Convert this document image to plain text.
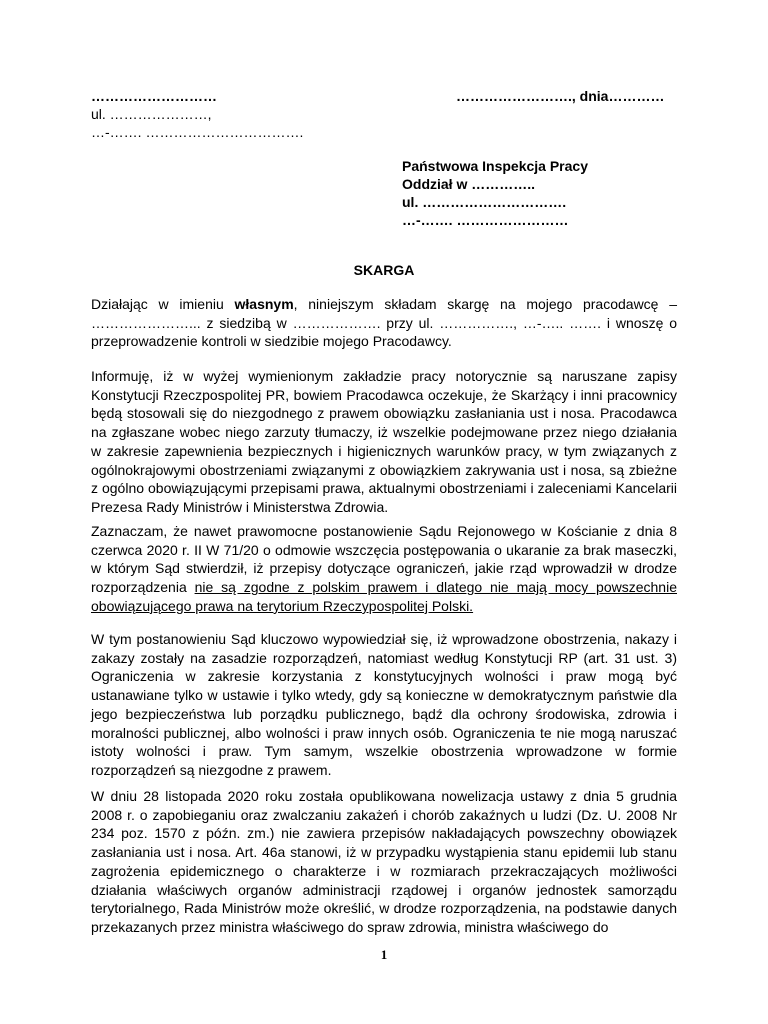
………………………	……………………., dnia…………
ul. …………………,
…-……. …………………………….
Państwowa Inspekcja Pracy
Oddział w …………..
ul. ………………………….
…-……. ……………………
SKARGA
Działając w imieniu własnym, niniejszym składam skargę na mojego pracodawcę – …………………... z siedzibą w ………………. przy ul. ……………., …-….. ……. i wnoszę o przeprowadzenie kontroli w siedzibie mojego Pracodawcy.
Informuję, iż w wyżej wymienionym zakładzie pracy notorycznie są naruszane zapisy Konstytucji Rzeczpospolitej PR, bowiem Pracodawca oczekuje, że Skarżący i inni pracownicy będą stosowali się do niezgodnego z prawem obowiązku zasłaniania ust i nosa. Pracodawca na zgłaszane wobec niego zarzuty tłumaczy, iż wszelkie podejmowane przez niego działania w zakresie zapewnienia bezpiecznych i higienicznych warunków pracy, w tym związanych z ogólnokrajowymi obostrzeniami związanymi z obowiązkiem zakrywania ust i nosa, są zbieżne z ogólno obowiązującymi przepisami prawa, aktualnymi obostrzeniami i zaleceniami Kancelarii Prezesa Rady Ministrów i Ministerstwa Zdrowia.
Zaznaczam, że nawet prawomocne postanowienie Sądu Rejonowego w Kościanie z dnia 8 czerwca 2020 r. II W 71/20 o odmowie wszczęcia postępowania o ukaranie za brak maseczki, w którym Sąd stwierdził, iż przepisy dotyczące ograniczeń, jakie rząd wprowadził w drodze rozporządzenia nie są zgodne z polskim prawem i dlatego nie mają mocy powszechnie obowiązującego prawa na terytorium Rzeczypospolitej Polski.
W tym postanowieniu Sąd kluczowo wypowiedział się, iż wprowadzone obostrzenia, nakazy i zakazy zostały na zasadzie rozporządzeń, natomiast według Konstytucji RP (art. 31 ust. 3) Ograniczenia w zakresie korzystania z konstytucyjnych wolności i praw mogą być ustanawiane tylko w ustawie i tylko wtedy, gdy są konieczne w demokratycznym państwie dla jego bezpieczeństwa lub porządku publicznego, bądź dla ochrony środowiska, zdrowia i moralności publicznej, albo wolności i praw innych osób. Ograniczenia te nie mogą naruszać istoty wolności i praw. Tym samym, wszelkie obostrzenia wprowadzone w formie rozporządzeń są niezgodne z prawem.
W dniu 28 listopada 2020 roku została opublikowana nowelizacja ustawy z dnia 5 grudnia 2008 r. o zapobieganiu oraz zwalczaniu zakażeń i chorób zakaźnych u ludzi (Dz. U. 2008 Nr 234 poz. 1570 z późn. zm.) nie zawiera przepisów nakładających powszechny obowiązek zasłaniania ust i nosa. Art. 46a stanowi, iż w przypadku wystąpienia stanu epidemii lub stanu zagrożenia epidemicznego o charakterze i w rozmiarach przekraczających możliwości działania właściwych organów administracji rządowej i organów jednostek samorządu terytorialnego, Rada Ministrów może określić, w drodze rozporządzenia, na podstawie danych przekazanych przez ministra właściwego do spraw zdrowia, ministra właściwego do
1
